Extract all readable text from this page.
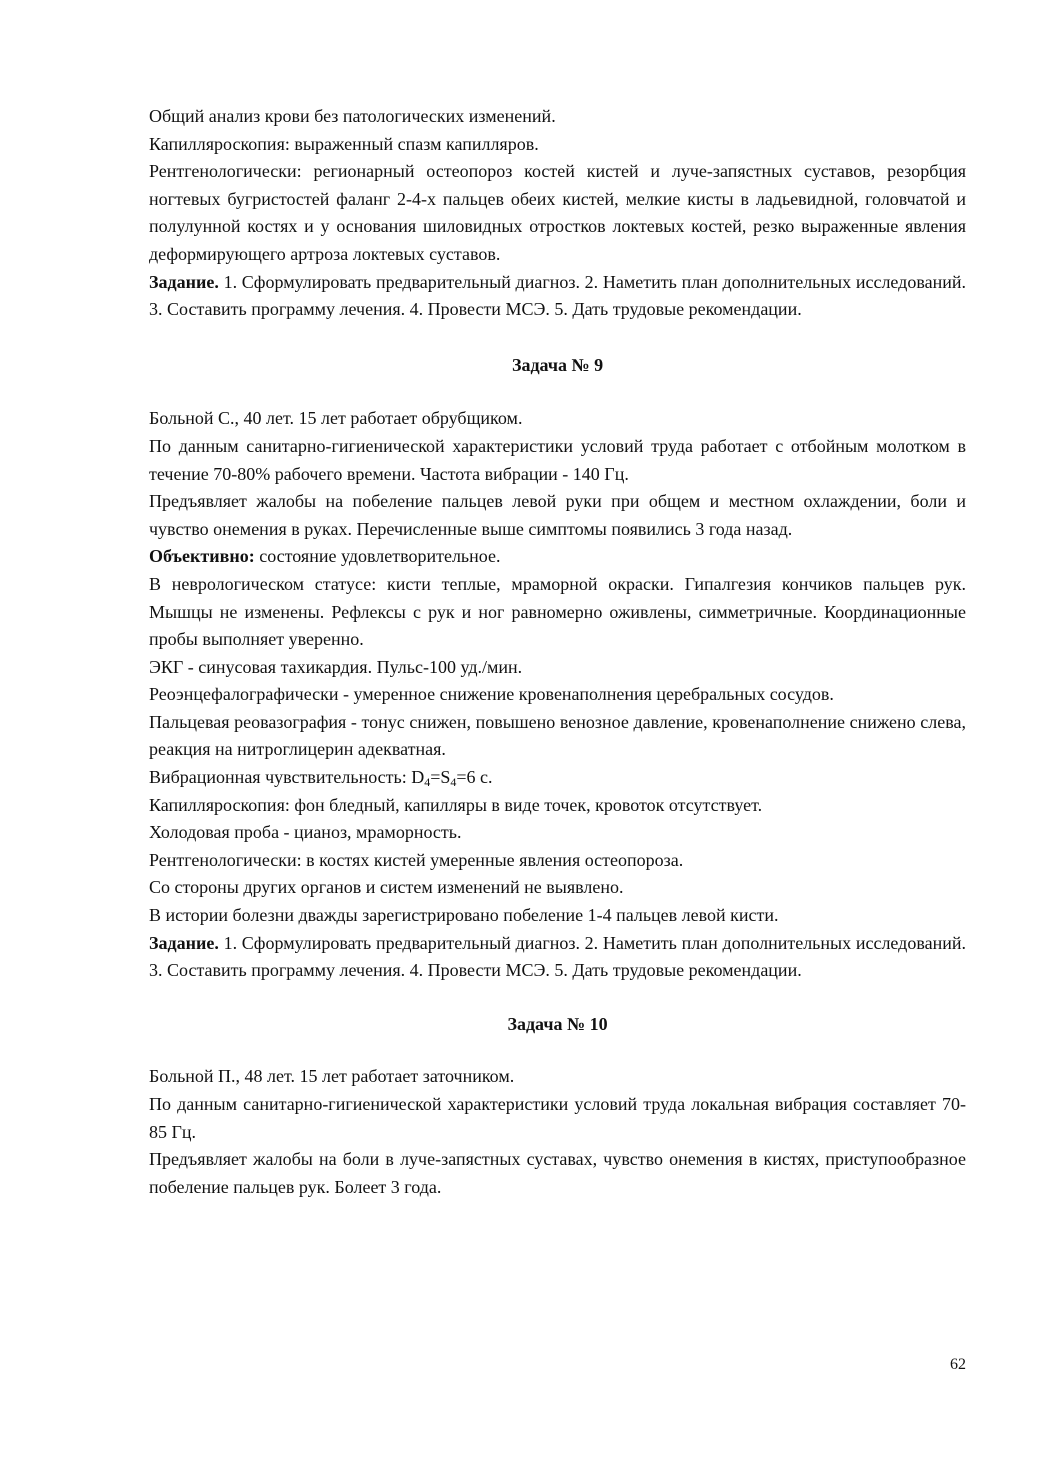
Общий анализ крови без патологических изменений.

Капилляроскопия: выраженный спазм капилляров.

Рентгенологически: регионарный остеопороз костей кистей и луче-запястных суставов, резорбция ногтевых бугристостей фаланг 2-4-х пальцев обеих кистей, мелкие кисты в ладьевидной, головчатой и полулунной костях и у основания шиловидных отростков локтевых костей, резко выраженные явления деформирующего артроза локтевых суставов.

Задание. 1. Сформулировать предварительный диагноз. 2. Наметить план дополнительных исследований. 3. Составить программу лечения. 4. Провести МСЭ. 5. Дать трудовые рекомендации.

Задача № 9

Больной С., 40 лет. 15 лет работает обрубщиком.

По данным санитарно-гигиенической характеристики условий труда работает с отбойным молотком в течение 70-80% рабочего времени. Частота вибрации - 140 Гц.

Предъявляет жалобы на побеление пальцев левой руки при общем и местном охлаждении, боли и чувство онемения в руках. Перечисленные выше симптомы появились 3 года назад.

Объективно: состояние удовлетворительное.

В неврологическом статусе: кисти теплые, мраморной окраски. Гипалгезия кончиков пальцев рук. Мышцы не изменены. Рефлексы с рук и ног равномерно оживлены, симметричные. Координационные пробы выполняет уверенно.

ЭКГ - синусовая тахикардия. Пульс-100 уд./мин.

Реоэнцефалографически - умеренное снижение кровенаполнения церебральных сосудов.

Пальцевая реовазография - тонус снижен, повышено венозное давление, кровенаполнение снижено слева, реакция на нитроглицерин адекватная.

Вибрационная чувствительность: $D_4=S_4=6$ с.

Капилляроскопия: фон бледный, капилляры в виде точек, кровоток отсутствует.

Холодовая проба - цианоз, мраморность.

Рентгенологически: в костях кистей умеренные явления остеопороза.

Со стороны других органов и систем изменений не выявлено.

В истории болезни дважды зарегистрировано побеление 1-4 пальцев левой кисти.

Задание. 1. Сформулировать предварительный диагноз. 2. Наметить план дополнительных исследований. 3. Составить программу лечения. 4. Провести МСЭ. 5. Дать трудовые рекомендации.

Задача № 10

Больной П., 48 лет. 15 лет работает заточником.

По данным санитарно-гигиенической характеристики условий труда локальная вибрация составляет 70-85 Гц.

Предъявляет жалобы на боли в луче-запястных суставах, чувство онемения в кистях, приступообразное побеление пальцев рук. Болеет 3 года.

62
